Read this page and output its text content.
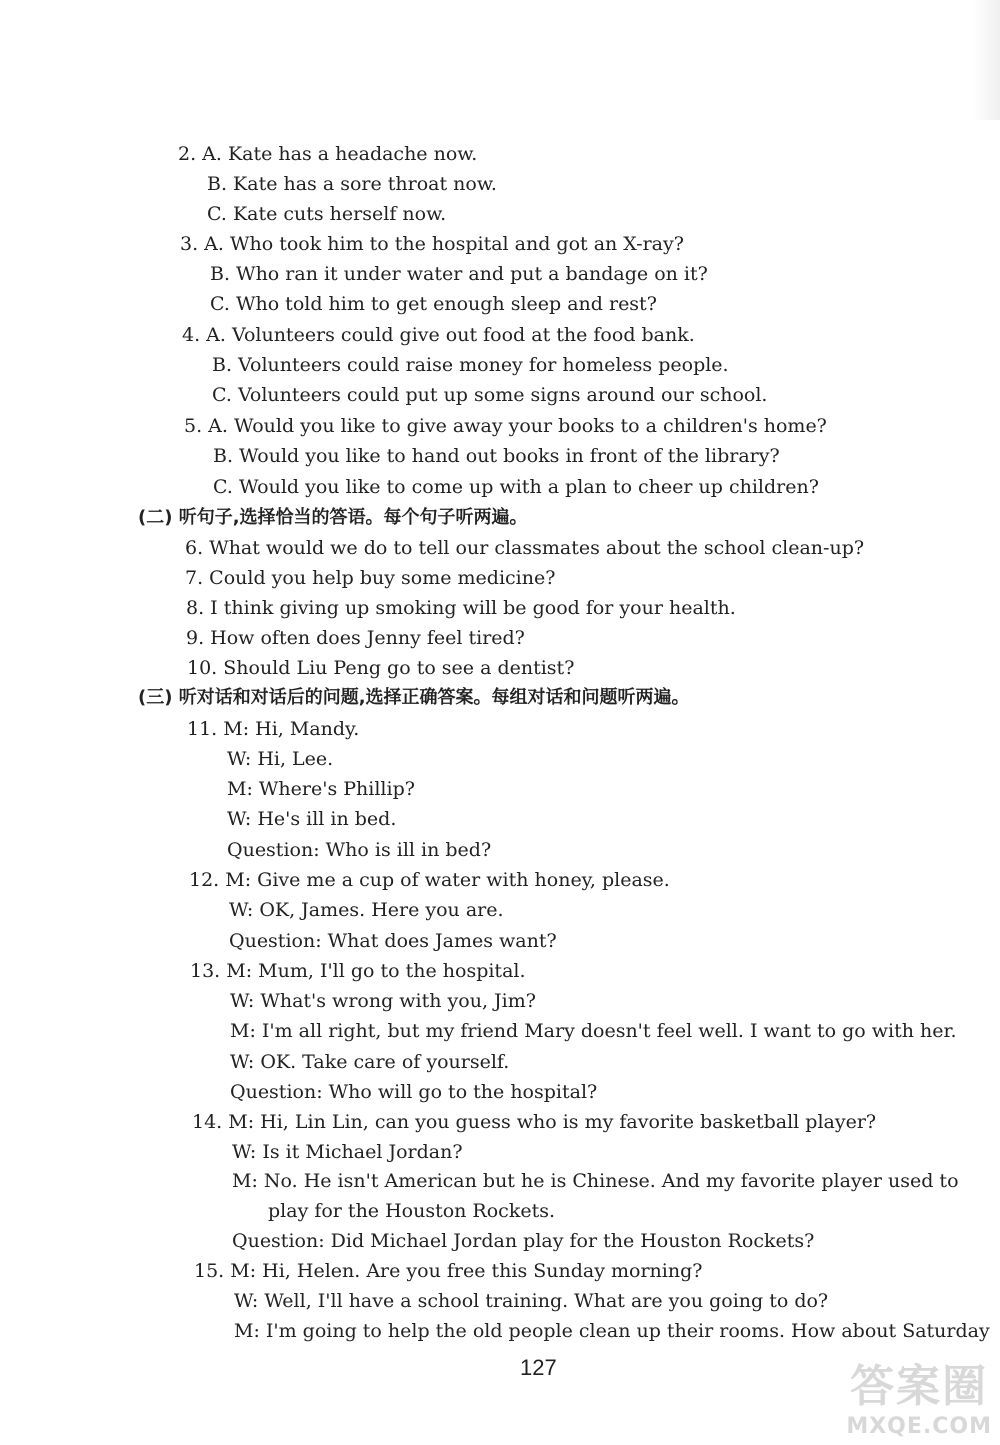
2. A. Kate has a headache now.
B. Kate has a sore throat now.
C. Kate cuts herself now.
3. A. Who took him to the hospital and got an X-ray?
B. Who ran it under water and put a bandage on it?
C. Who told him to get enough sleep and rest?
4. A. Volunteers could give out food at the food bank.
B. Volunteers could raise money for homeless people.
C. Volunteers could put up some signs around our school.
5. A. Would you like to give away your books to a children's home?
B. Would you like to hand out books in front of the library?
C. Would you like to come up with a plan to cheer up children?
(二) 听句子,选择恰当的答语。每个句子听两遍。
6. What would we do to tell our classmates about the school clean-up?
7. Could you help buy some medicine?
8. I think giving up smoking will be good for your health.
9. How often does Jenny feel tired?
10. Should Liu Peng go to see a dentist?
(三) 听对话和对话后的问题,选择正确答案。每组对话和问题听两遍。
11. M: Hi, Mandy.
W: Hi, Lee.
M: Where's Phillip?
W: He's ill in bed.
Question: Who is ill in bed?
12. M: Give me a cup of water with honey, please.
W: OK, James. Here you are.
Question: What does James want?
13. M: Mum, I'll go to the hospital.
W: What's wrong with you, Jim?
M: I'm all right, but my friend Mary doesn't feel well. I want to go with her.
W: OK. Take care of yourself.
Question: Who will go to the hospital?
14. M: Hi, Lin Lin, can you guess who is my favorite basketball player?
W: Is it Michael Jordan?
M: No. He isn't American but he is Chinese. And my favorite player used to
play for the Houston Rockets.
Question: Did Michael Jordan play for the Houston Rockets?
15. M: Hi, Helen. Are you free this Sunday morning?
W: Well, I'll have a school training. What are you going to do?
M: I'm going to help the old people clean up their rooms. How about Saturday
127	答案圈
MXQE.COM
